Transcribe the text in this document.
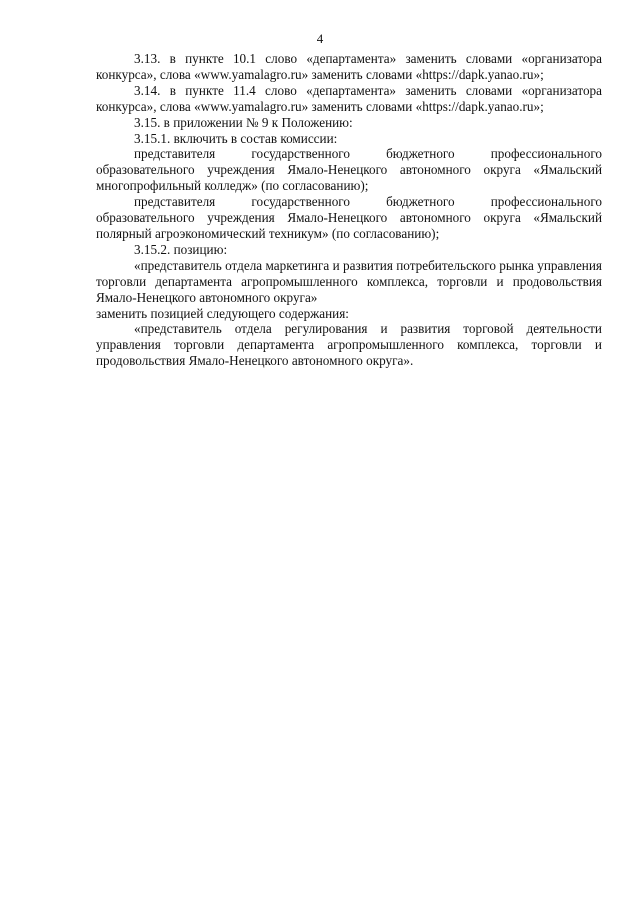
4

3.13. в пункте 10.1 слово «департамента» заменить словами «организатора конкурса», слова «www.yamalagro.ru» заменить словами «https://dapk.yanao.ru»;

3.14. в пункте 11.4 слово «департамента» заменить словами «организатора конкурса», слова «www.yamalagro.ru» заменить словами «https://dapk.yanao.ru»;

3.15. в приложении № 9 к Положению:

3.15.1. включить в состав комиссии:

представителя государственного бюджетного профессионального образовательного учреждения Ямало-Ненецкого автономного округа «Ямальский многопрофильный колледж» (по согласованию);

представителя государственного бюджетного профессионального образовательного учреждения Ямало-Ненецкого автономного округа «Ямальский полярный агроэкономический техникум» (по согласованию);

3.15.2. позицию:

«представитель отдела маркетинга и развития потребительского рынка управления торговли департамента агропромышленного комплекса, торговли и продовольствия Ямало-Ненецкого автономного округа»

заменить позицией следующего содержания:

«представитель отдела регулирования и развития торговой деятельности управления торговли департамента агропромышленного комплекса, торговли и продовольствия Ямало-Ненецкого автономного округа».
